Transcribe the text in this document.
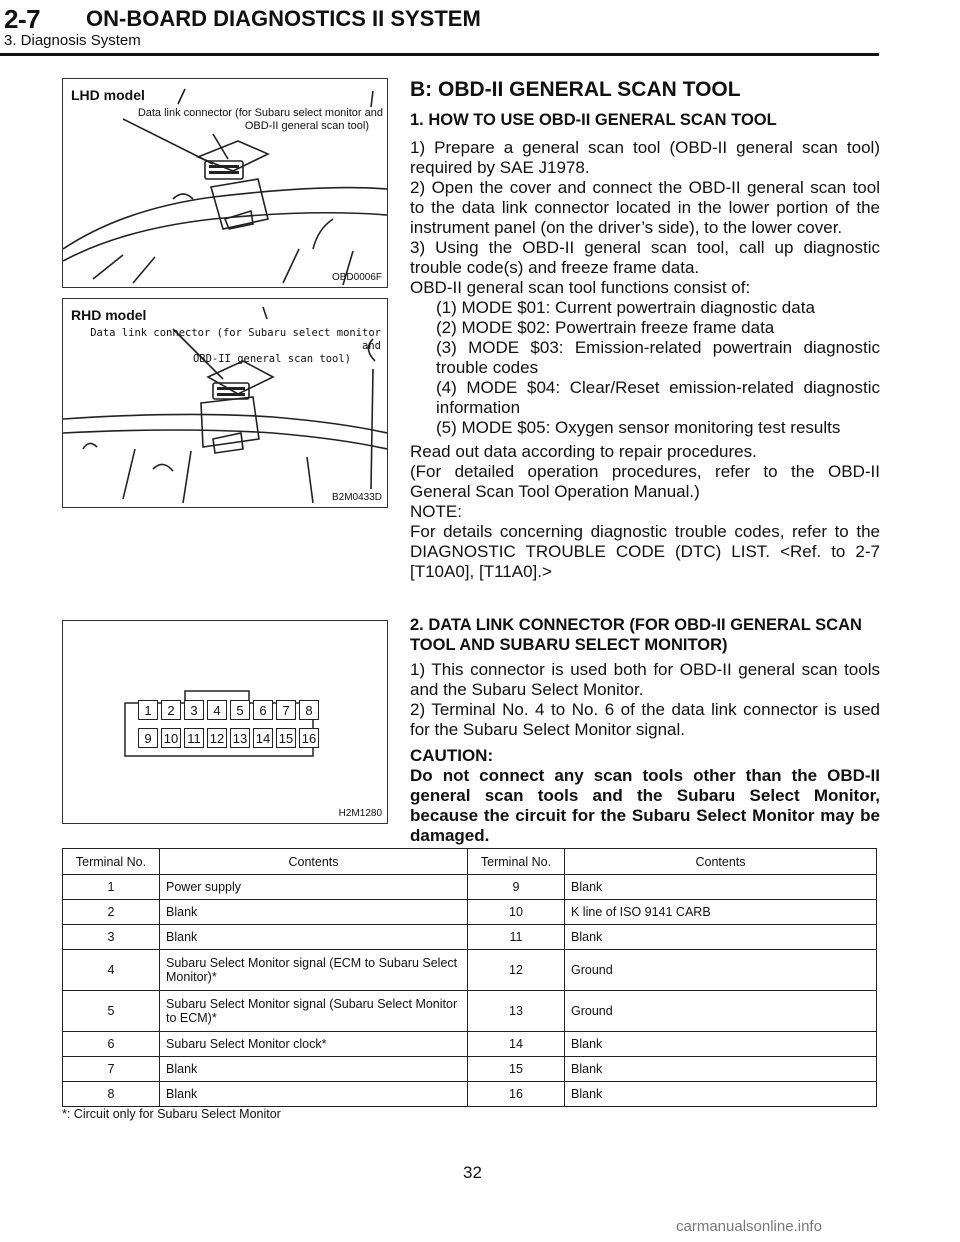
2-7 ON-BOARD DIAGNOSTICS II SYSTEM
3. Diagnosis System
LHD model
Data link connector (for Subaru select monitor and
OBD-II general scan tool)
OBD0006F
RHD model
Data link connector (for Subaru select monitor and
OBD-II general scan tool)
B2M0433D
1	2	3	4	5	6	7	8
9 10 11 12 13 14 15 16
H2M1280
B: OBD-II GENERAL SCAN TOOL
1. HOW TO USE OBD-II GENERAL SCAN TOOL

1) Prepare a general scan tool (OBD-II general scan tool) required by SAE J1978.

2) Open the cover and connect the OBD-II general scan tool to the data link connector located in the lower portion of the instrument panel (on the driver’s side), to the lower cover.

3) Using the OBD-II general scan tool, call up diagnostic trouble code(s) and freeze frame data.

OBD-II general scan tool functions consist of:

(1) MODE $01: Current powertrain diagnostic data

(2) MODE $02: Powertrain freeze frame data

(3) MODE $03: Emission-related powertrain diagnostic trouble codes

(4) MODE $04: Clear/Reset emission-related diagnostic information

(5) MODE $05: Oxygen sensor monitoring test results

Read out data according to repair procedures.

(For detailed operation procedures, refer to the OBD-II General Scan Tool Operation Manual.)

NOTE:

For details concerning diagnostic trouble codes, refer to the DIAGNOSTIC TROUBLE CODE (DTC) LIST. <Ref. to 2-7 [T10A0], [T11A0].>

2. DATA LINK CONNECTOR (FOR OBD-II GENERAL SCAN TOOL AND SUBARU SELECT MONITOR)

1) This connector is used both for OBD-II general scan tools and the Subaru Select Monitor.

2) Terminal No. 4 to No. 6 of the data link connector is used for the Subaru Select Monitor signal.

CAUTION:

Do not connect any scan tools other than the OBD-II general scan tools and the Subaru Select Monitor, because the circuit for the Subaru Select Monitor may be damaged.

Terminal No.	Contents	Terminal No.	Contents
1	Power supply	9	Blank
2	Blank	10	K line of ISO 9141 CARB
3	Blank	11	Blank
4	Subaru Select Monitor signal (ECM to Subaru Select Monitor)*	12	Ground
5	Subaru Select Monitor signal (Subaru Select Monitor to ECM)*	13	Ground
6	Subaru Select Monitor clock*	14	Blank
7	Blank	15	Blank
8	Blank	16	Blank
*: Circuit only for Subaru Select Monitor
32
carmanualsonline.info
